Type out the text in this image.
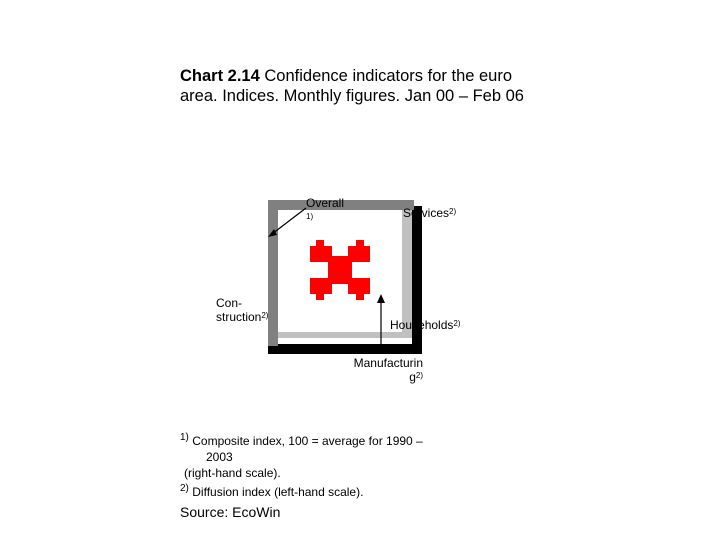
Chart 2.14 Confidence indicators for the euro area. Indices. Monthly figures. Jan 00 – Feb 06
Overall
1)	Services$^{2)}$
Con-
struction$^{2)}$
Households$^{2)}$
Manufacturin
$g^{2)}$
$^{1)}$ Composite index, 100 = average for 1990 –
2003
(right-hand scale).
$^{2)}$ Diffusion index (left-hand scale).
Source: EcoWin
